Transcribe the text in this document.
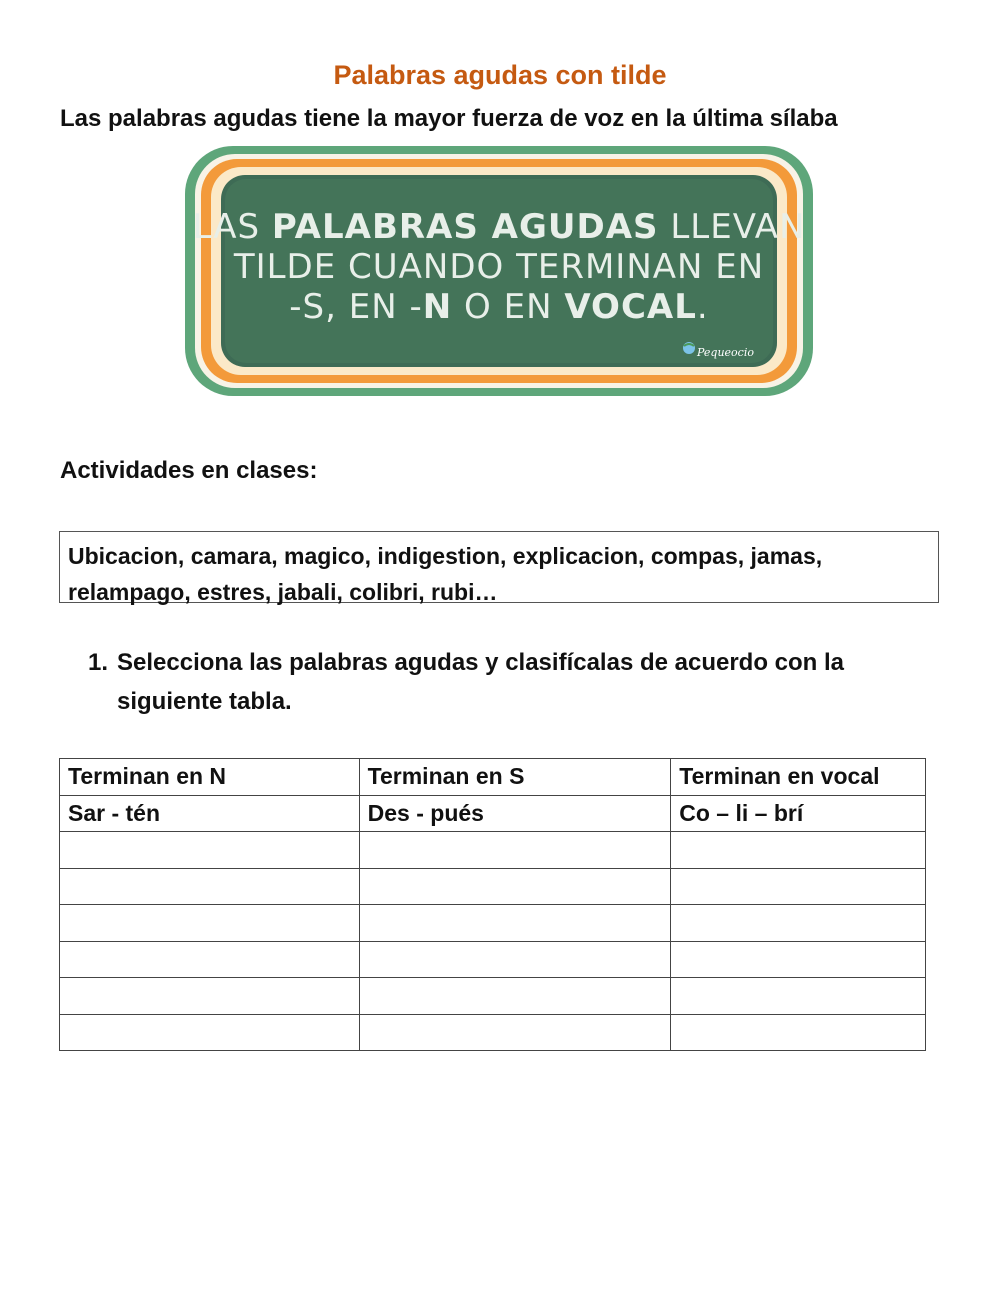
Palabras agudas con tilde
Las palabras agudas tiene la mayor fuerza de voz en la última sílaba
LAS PALABRAS AGUDAS LLEVAN
TILDE CUANDO TERMINAN EN
-S, EN -N O EN VOCAL.
Pequeocio
Actividades en clases:
Ubicacion, camara, magico, indigestion, explicacion, compas, jamas, relampago, estres, jabali, colibri, rubi…
1. Selecciona las palabras agudas y clasifícalas de acuerdo con la
siguiente tabla.
Terminan en N	Terminan en S	Terminan en vocal
Sar - tén	Des - pués	Co – li – brí
